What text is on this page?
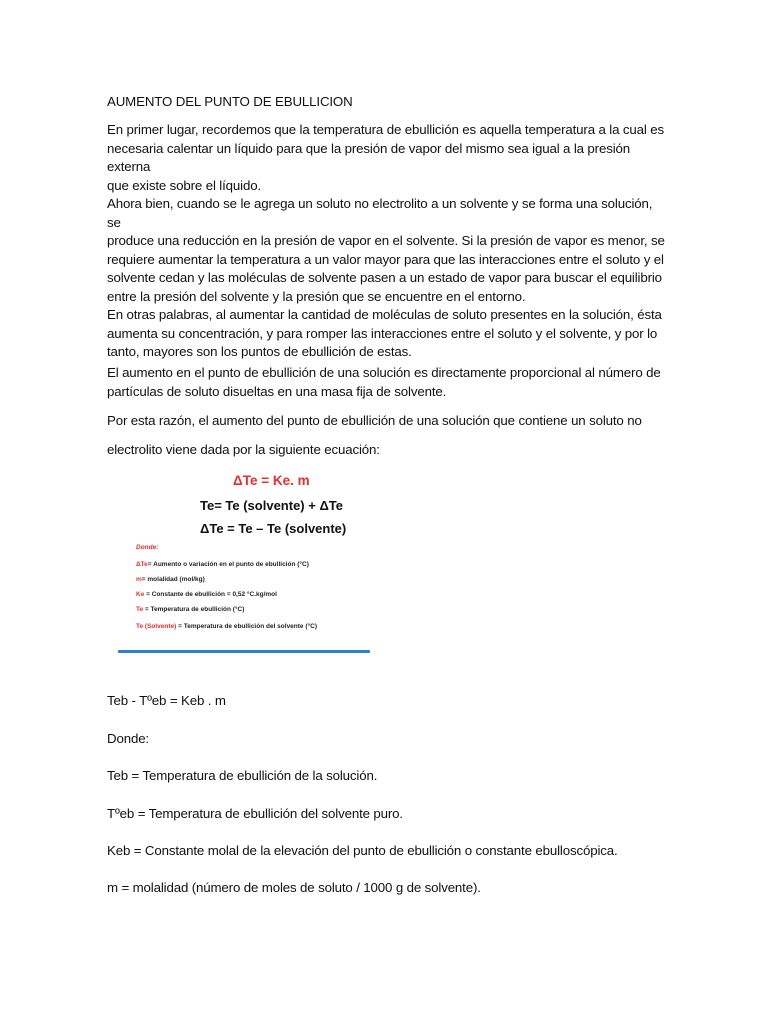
AUMENTO DEL PUNTO DE EBULLICION

En primer lugar, recordemos que la temperatura de ebullición es aquella temperatura a la cual es
necesaria calentar un líquido para que la presión de vapor del mismo sea igual a la presión externa
que existe sobre el líquido.

Ahora bien, cuando se le agrega un soluto no electrolito a un solvente y se forma una solución, se
produce una reducción en la presión de vapor en el solvente. Si la presión de vapor es menor, se
requiere aumentar la temperatura a un valor mayor para que las interacciones entre el soluto y el
solvente cedan y las moléculas de solvente pasen a un estado de vapor para buscar el equilibrio
entre la presión del solvente y la presión que se encuentre en el entorno.
En otras palabras, al aumentar la cantidad de moléculas de soluto presentes en la solución, ésta
aumenta su concentración, y para romper las interacciones entre el soluto y el solvente, y por lo
tanto, mayores son los puntos de ebullición de estas.

El aumento en el punto de ebullición de una solución es directamente proporcional al número de
partículas de soluto disueltas en una masa fija de solvente.

Por esta razón, el aumento del punto de ebullición de una solución que contiene un soluto no

electrolito viene dada por la siguiente ecuación:

ΔTe = Ke. m
Te= Te (solvente) + ΔTe
ΔTe = Te – Te (solvente)
Donde:
ΔTe= Aumento o variación en el punto de ebullición (°C)
m= molalidad (mol/kg)
Ke = Constante de ebullición = 0,52 °C.kg/mol
Te = Temperatura de ebullición (°C)
Te (Solvente) = Temperatura de ebullición del solvente (°C)
Teb - Tºeb = Keb . m
Donde:
Teb = Temperatura de ebullición de la solución.
Tºeb = Temperatura de ebullición del solvente puro.
Keb = Constante molal de la elevación del punto de ebullición o constante ebulloscópica.
m = molalidad (número de moles de soluto / 1000 g de solvente).
